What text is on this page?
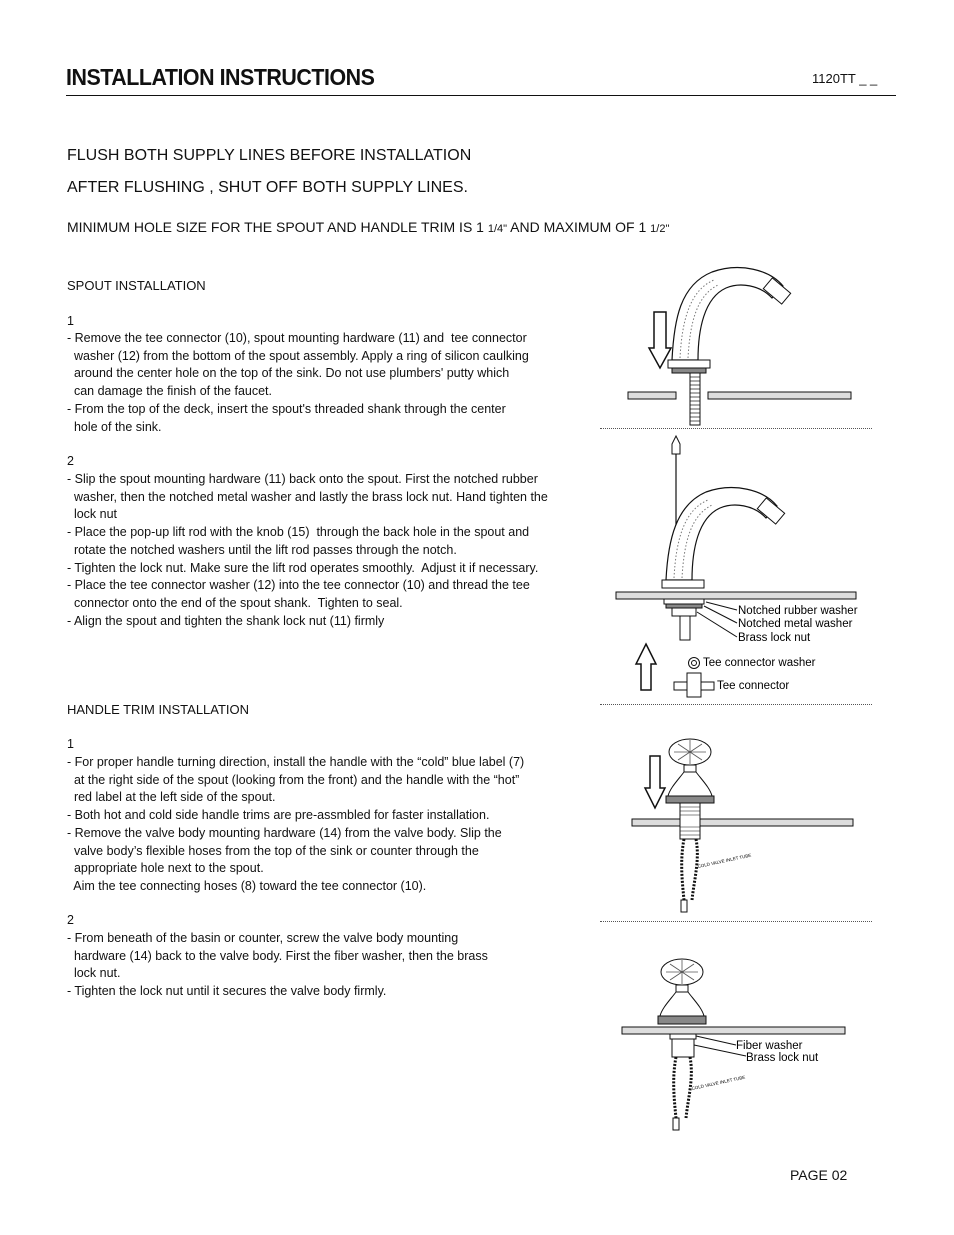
INSTALLATION INSTRUCTIONS	1120TT _ _
FLUSH BOTH SUPPLY LINES BEFORE INSTALLATION
AFTER FLUSHING , SHUT OFF BOTH SUPPLY LINES.
MINIMUM HOLE SIZE FOR THE SPOUT AND HANDLE TRIM IS 1 1/4" AND MAXIMUM OF 1 1/2"
SPOUT INSTALLATION
1
- Remove the tee connector (10), spout mounting hardware (11) and  tee connector
washer (12) from the bottom of the spout assembly. Apply a ring of silicon caulking
around the center hole on the top of the sink. Do not use plumbers' putty which
can damage the finish of the faucet.
- From the top of the deck, insert the spout's threaded shank through the center
hole of the sink.
2
- Slip the spout mounting hardware (11) back onto the spout. First the notched rubber
washer, then the notched metal washer and lastly the brass lock nut. Hand tighten the
lock nut
- Place the pop-up lift rod with the knob (15)  through the back hole in the spout and
rotate the notched washers until the lift rod passes through the notch.
- Tighten the lock nut. Make sure the lift rod operates smoothly.  Adjust it if necessary.
- Place the tee connector washer (12) into the tee connector (10) and thread the tee
connector onto the end of the spout shank.  Tighten to seal.
- Align the spout and tighten the shank lock nut (11) firmly
HANDLE TRIM INSTALLATION
1
- For proper handle turning direction, install the handle with the “cold” blue label (7)
at the right side of the spout (looking from the front) and the handle with the “hot”
red label at the left side of the spout.
- Both hot and cold side handle trims are pre-assmbled for faster installation.
- Remove the valve body mounting hardware (14) from the valve body. Slip the
valve body’s flexible hoses from the top of the sink or counter through the
appropriate hole next to the spout.
Aim the tee connecting hoses (8) toward the tee connector (10).
2
- From beneath of the basin or counter, screw the valve body mounting
hardware (14) back to the valve body. First the fiber washer, then the brass
lock nut.
- Tighten the lock nut until it secures the valve body firmly.
Notched rubber washer
Notched metal washer
Brass lock nut
Tee connector washer
Tee connector
COLD VALVE INLET TUBE
Fiber washer
Brass lock nut
COLD VALVE INLET TUBE
PAGE 02
